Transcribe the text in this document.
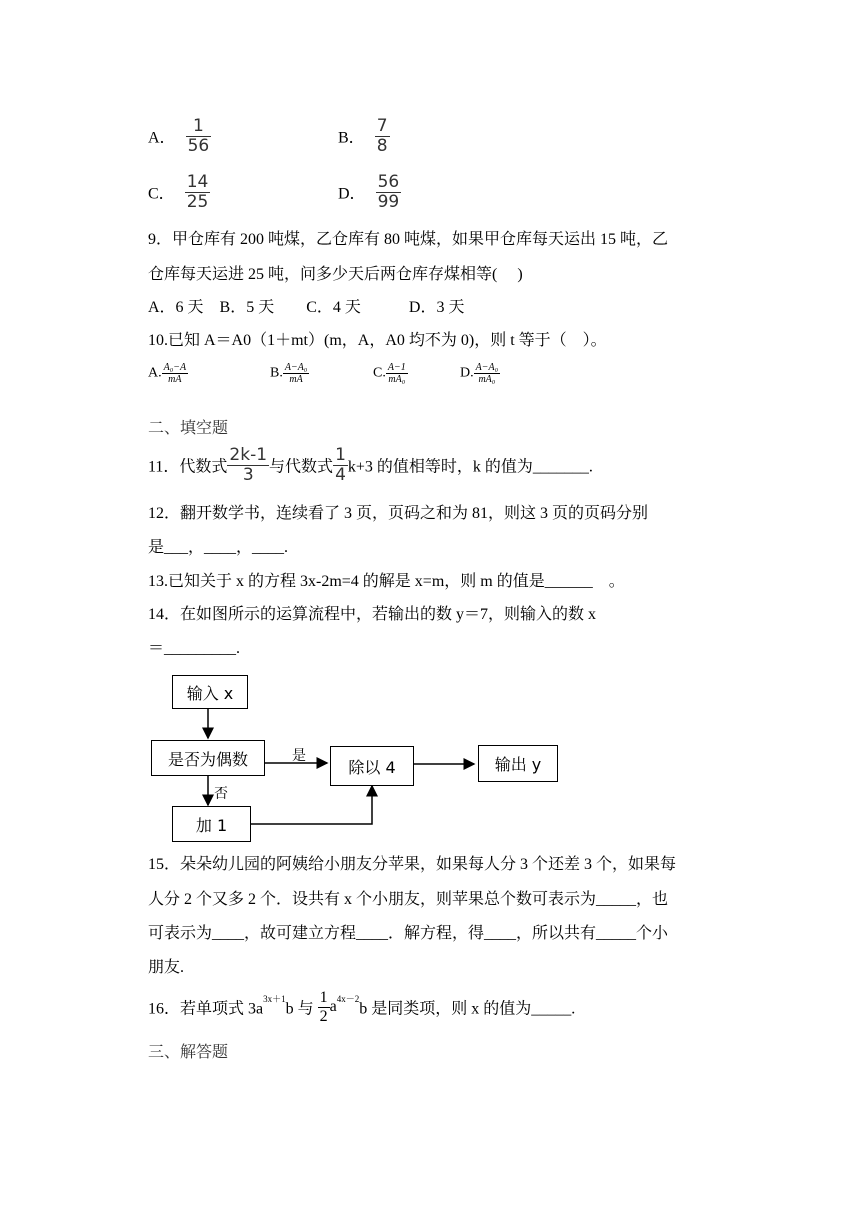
A． $\frac{1}{56}$	B． $\frac{7}{8}$
C． $\frac{14}{25}$	D． $\frac{56}{99}$
9．甲仓库有 200 吨煤，乙仓库有 80 吨煤，如果甲仓库每天运出 15 吨，乙
仓库每天运进 25 吨，问多少天后两仓库存煤相等(　 )
A．6 天　B．5 天　　C．4 天　　　D．3 天
10.已知 A＝A0（1＋mt）(m，A，A0 均不为 0)，则 t 等于（　）。
A. $\frac{\text{A₀−A}}{mA}$	B. $\frac{\text{A−A₀}}{mA}$	C. $\frac{A-1}{\text{mA₀}}$	D. $\frac{\text{A−A₀}}{\text{mA₀}}$
二、填空题
11．代数式 $\frac{2k-1}{3}$ 与代数式 $\frac{1}{4} k+3$ 的值相等时，k 的值为_______.
12．翻开数学书，连续看了 3 页，页码之和为 81，则这 3 页的页码分别
是___，____，____.
13.已知关于 x 的方程 3x-2m=4 的解是 x=m，则 m 的值是______　。
14．在如图所示的运算流程中，若输出的数 y＝7，则输入的数 x
＝_________.
输入 x
是否为偶数	除以 4	输出 y
加 1
是
否
15．朵朵幼儿园的阿姨给小朋友分苹果，如果每人分 3 个还差 3 个，如果每
人分 2 个又多 2 个．设共有 x 个小朋友，则苹果总个数可表示为_____，也
可表示为____，故可建立方程____．解方程，得____，所以共有_____个小
朋友.
16．若单项式 $3a^{3x+1}b$ 与 $\frac{1}{2} a^{4x-2}b$ 是同类项，则 x 的值为_____.
三、解答题
